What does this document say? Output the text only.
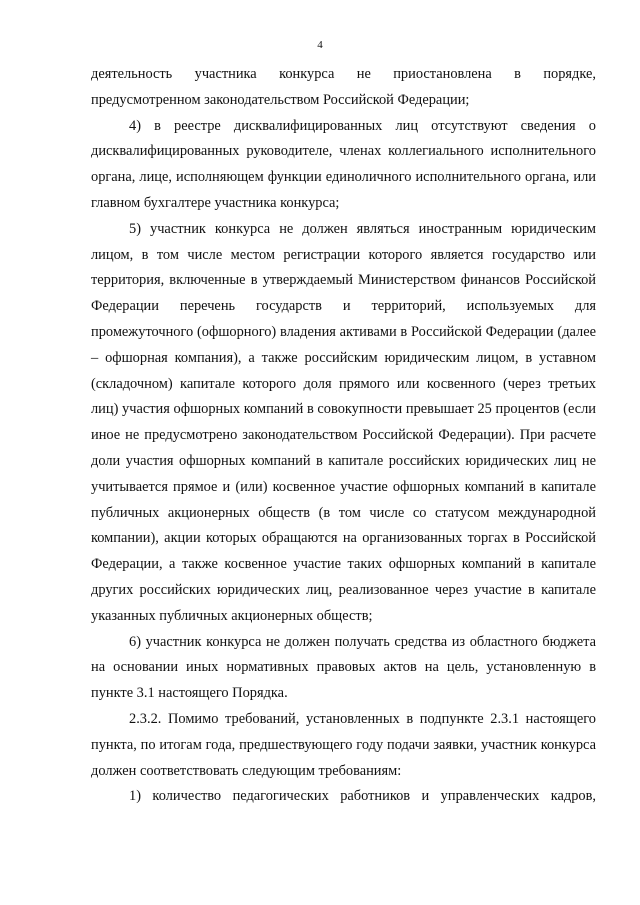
4

деятельность участника конкурса не приостановлена в порядке, предусмотренном законодательством Российской Федерации;

4) в реестре дисквалифицированных лиц отсутствуют сведения о дисквалифицированных руководителе, членах коллегиального исполнительного органа, лице, исполняющем функции единоличного исполнительного органа, или главном бухгалтере участника конкурса;

5) участник конкурса не должен являться иностранным юридическим лицом, в том числе местом регистрации которого является государство или территория, включенные в утверждаемый Министерством финансов Российской Федерации перечень государств и территорий, используемых для промежуточного (офшорного) владения активами в Российской Федерации (далее – офшорная компания), а также российским юридическим лицом, в уставном (складочном) капитале которого доля прямого или косвенного (через третьих лиц) участия офшорных компаний в совокупности превышает 25 процентов (если иное не предусмотрено законодательством Российской Федерации). При расчете доли участия офшорных компаний в капитале российских юридических лиц не учитывается прямое и (или) косвенное участие офшорных компаний в капитале публичных акционерных обществ (в том числе со статусом международной компании), акции которых обращаются на организованных торгах в Российской Федерации, а также косвенное участие таких офшорных компаний в капитале других российских юридических лиц, реализованное через участие в капитале указанных публичных акционерных обществ;

6) участник конкурса не должен получать средства из областного бюджета на основании иных нормативных правовых актов на цель, установленную в пункте 3.1 настоящего Порядка.

2.3.2. Помимо требований, установленных в подпункте 2.3.1 настоящего пункта, по итогам года, предшествующего году подачи заявки, участник конкурса должен соответствовать следующим требованиям:

1) количество педагогических работников и управленческих кадров,
